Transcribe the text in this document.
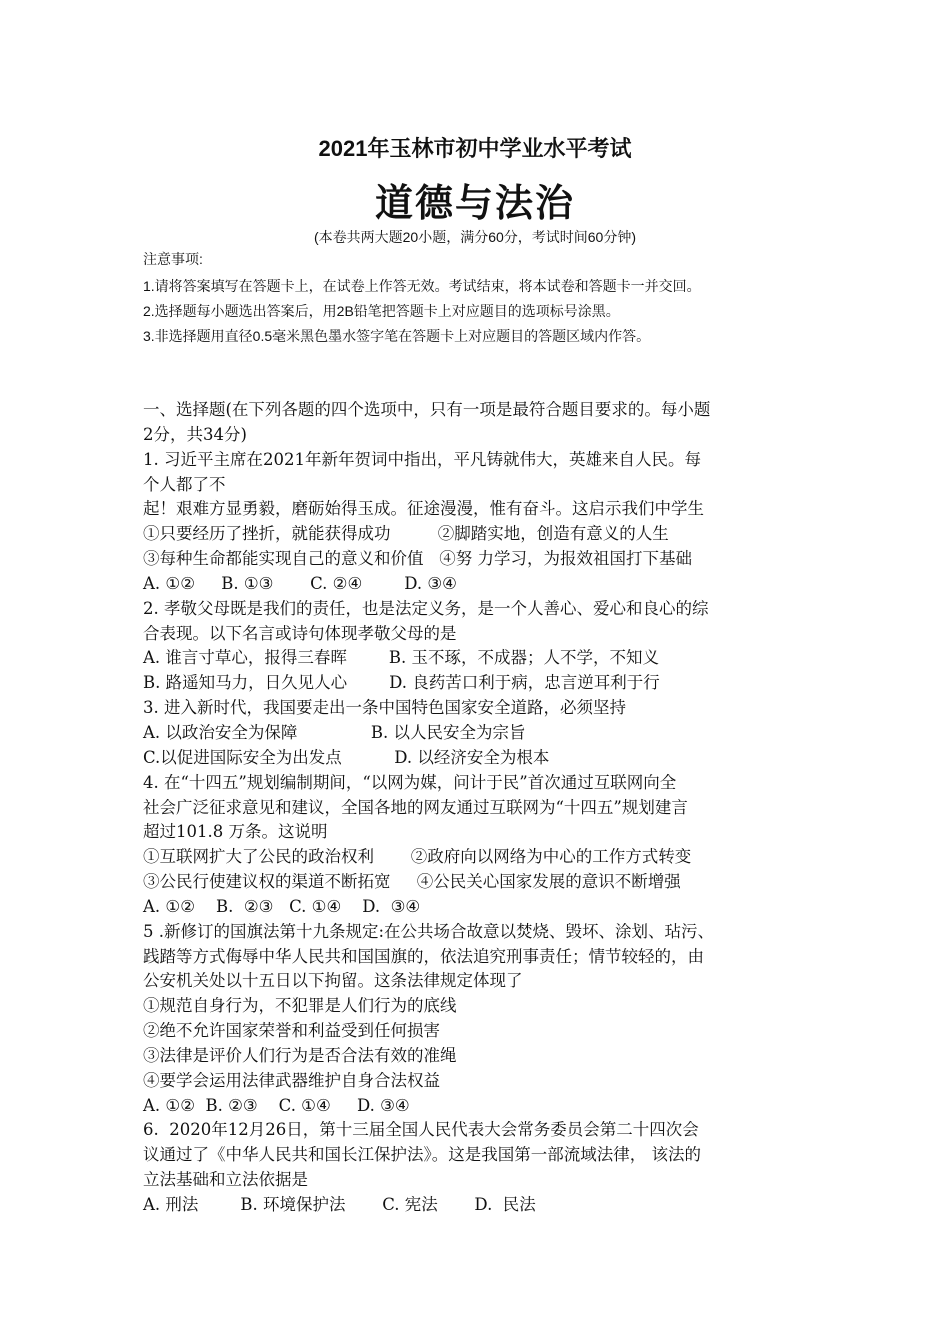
2021年玉林市初中学业水平考试
道德与法治
(本卷共两大题20小题，满分60分，考试时间60分钟)
注意事项:
1.请将答案填写在答题卡上，在试卷上作答无效。考试结束，将本试卷和答题卡一并交回。
2.选择题每小题选出答案后，用2B铅笔把答题卡上对应题目的选项标号涂黑。
3.非选择题用直径0.5毫米黑色墨水签字笔在答题卡上对应题目的答题区域内作答。
一、选择题(在下列各题的四个选项中，只有一项是最符合题目要求的。每小题
2分，共34分)
1. 习近平主席在2021年新年贺词中指出，平凡铸就伟大，英雄来自人民。每
个人都了不
起！艰难方显勇毅，磨砺始得玉成。征途漫漫，惟有奋斗。这启示我们中学生
①只要经历了挫折，就能获得成功         ②脚踏实地，创造有意义的人生
③每种生命都能实现自己的意义和价值   ④努 力学习，为报效祖国打下基础
A. ①②     B. ①③       C. ②④        D. ③④
2. 孝敬父母既是我们的责任，也是法定义务，是一个人善心、爱心和良心的综
合表现。以下名言或诗句体现孝敬父母的是
A. 谁言寸草心，报得三春晖        B. 玉不琢，不成器；人不学，不知义
B. 路遥知马力，日久见人心        D. 良药苦口利于病，忠言逆耳利于行
3. 进入新时代，我国要走出一条中国特色国家安全道路，必须坚持
A. 以政治安全为保障              B. 以人民安全为宗旨
C.以促进国际安全为出发点          D. 以经济安全为根本
4. 在“十四五”规划编制期间，“以网为媒，问计于民”首次通过互联网向全
社会广泛征求意见和建议，全国各地的网友通过互联网为“十四五”规划建言
超过101.8 万条。这说明
①互联网扩大了公民的政治权利       ②政府向以网络为中心的工作方式转变
③公民行使建议权的渠道不断拓宽     ④公民关心国家发展的意识不断增强
A. ①②    B.  ②③   C. ①④    D.  ③④
5 .新修订的国旗法第十九条规定:在公共场合故意以焚烧、毁坏、涂划、玷污、
践踏等方式侮辱中华人民共和国国旗的，依法追究刑事责任；情节较轻的，由
公安机关处以十五日以下拘留。这条法律规定体现了
①规范自身行为，不犯罪是人们行为的底线
②绝不允许国家荣誉和利益受到任何损害
③法律是评价人们行为是否合法有效的准绳
④要学会运用法律武器维护自身合法权益
A. ①②  B. ②③    C. ①④     D. ③④
6.  2020年12月26日，第十三届全国人民代表大会常务委员会第二十四次会
议通过了《中华人民共和国长江保护法》。这是我国第一部流域法律， 该法的
立法基础和立法依据是
A. 刑法        B. 环境保护法       C. 宪法       D.  民法
